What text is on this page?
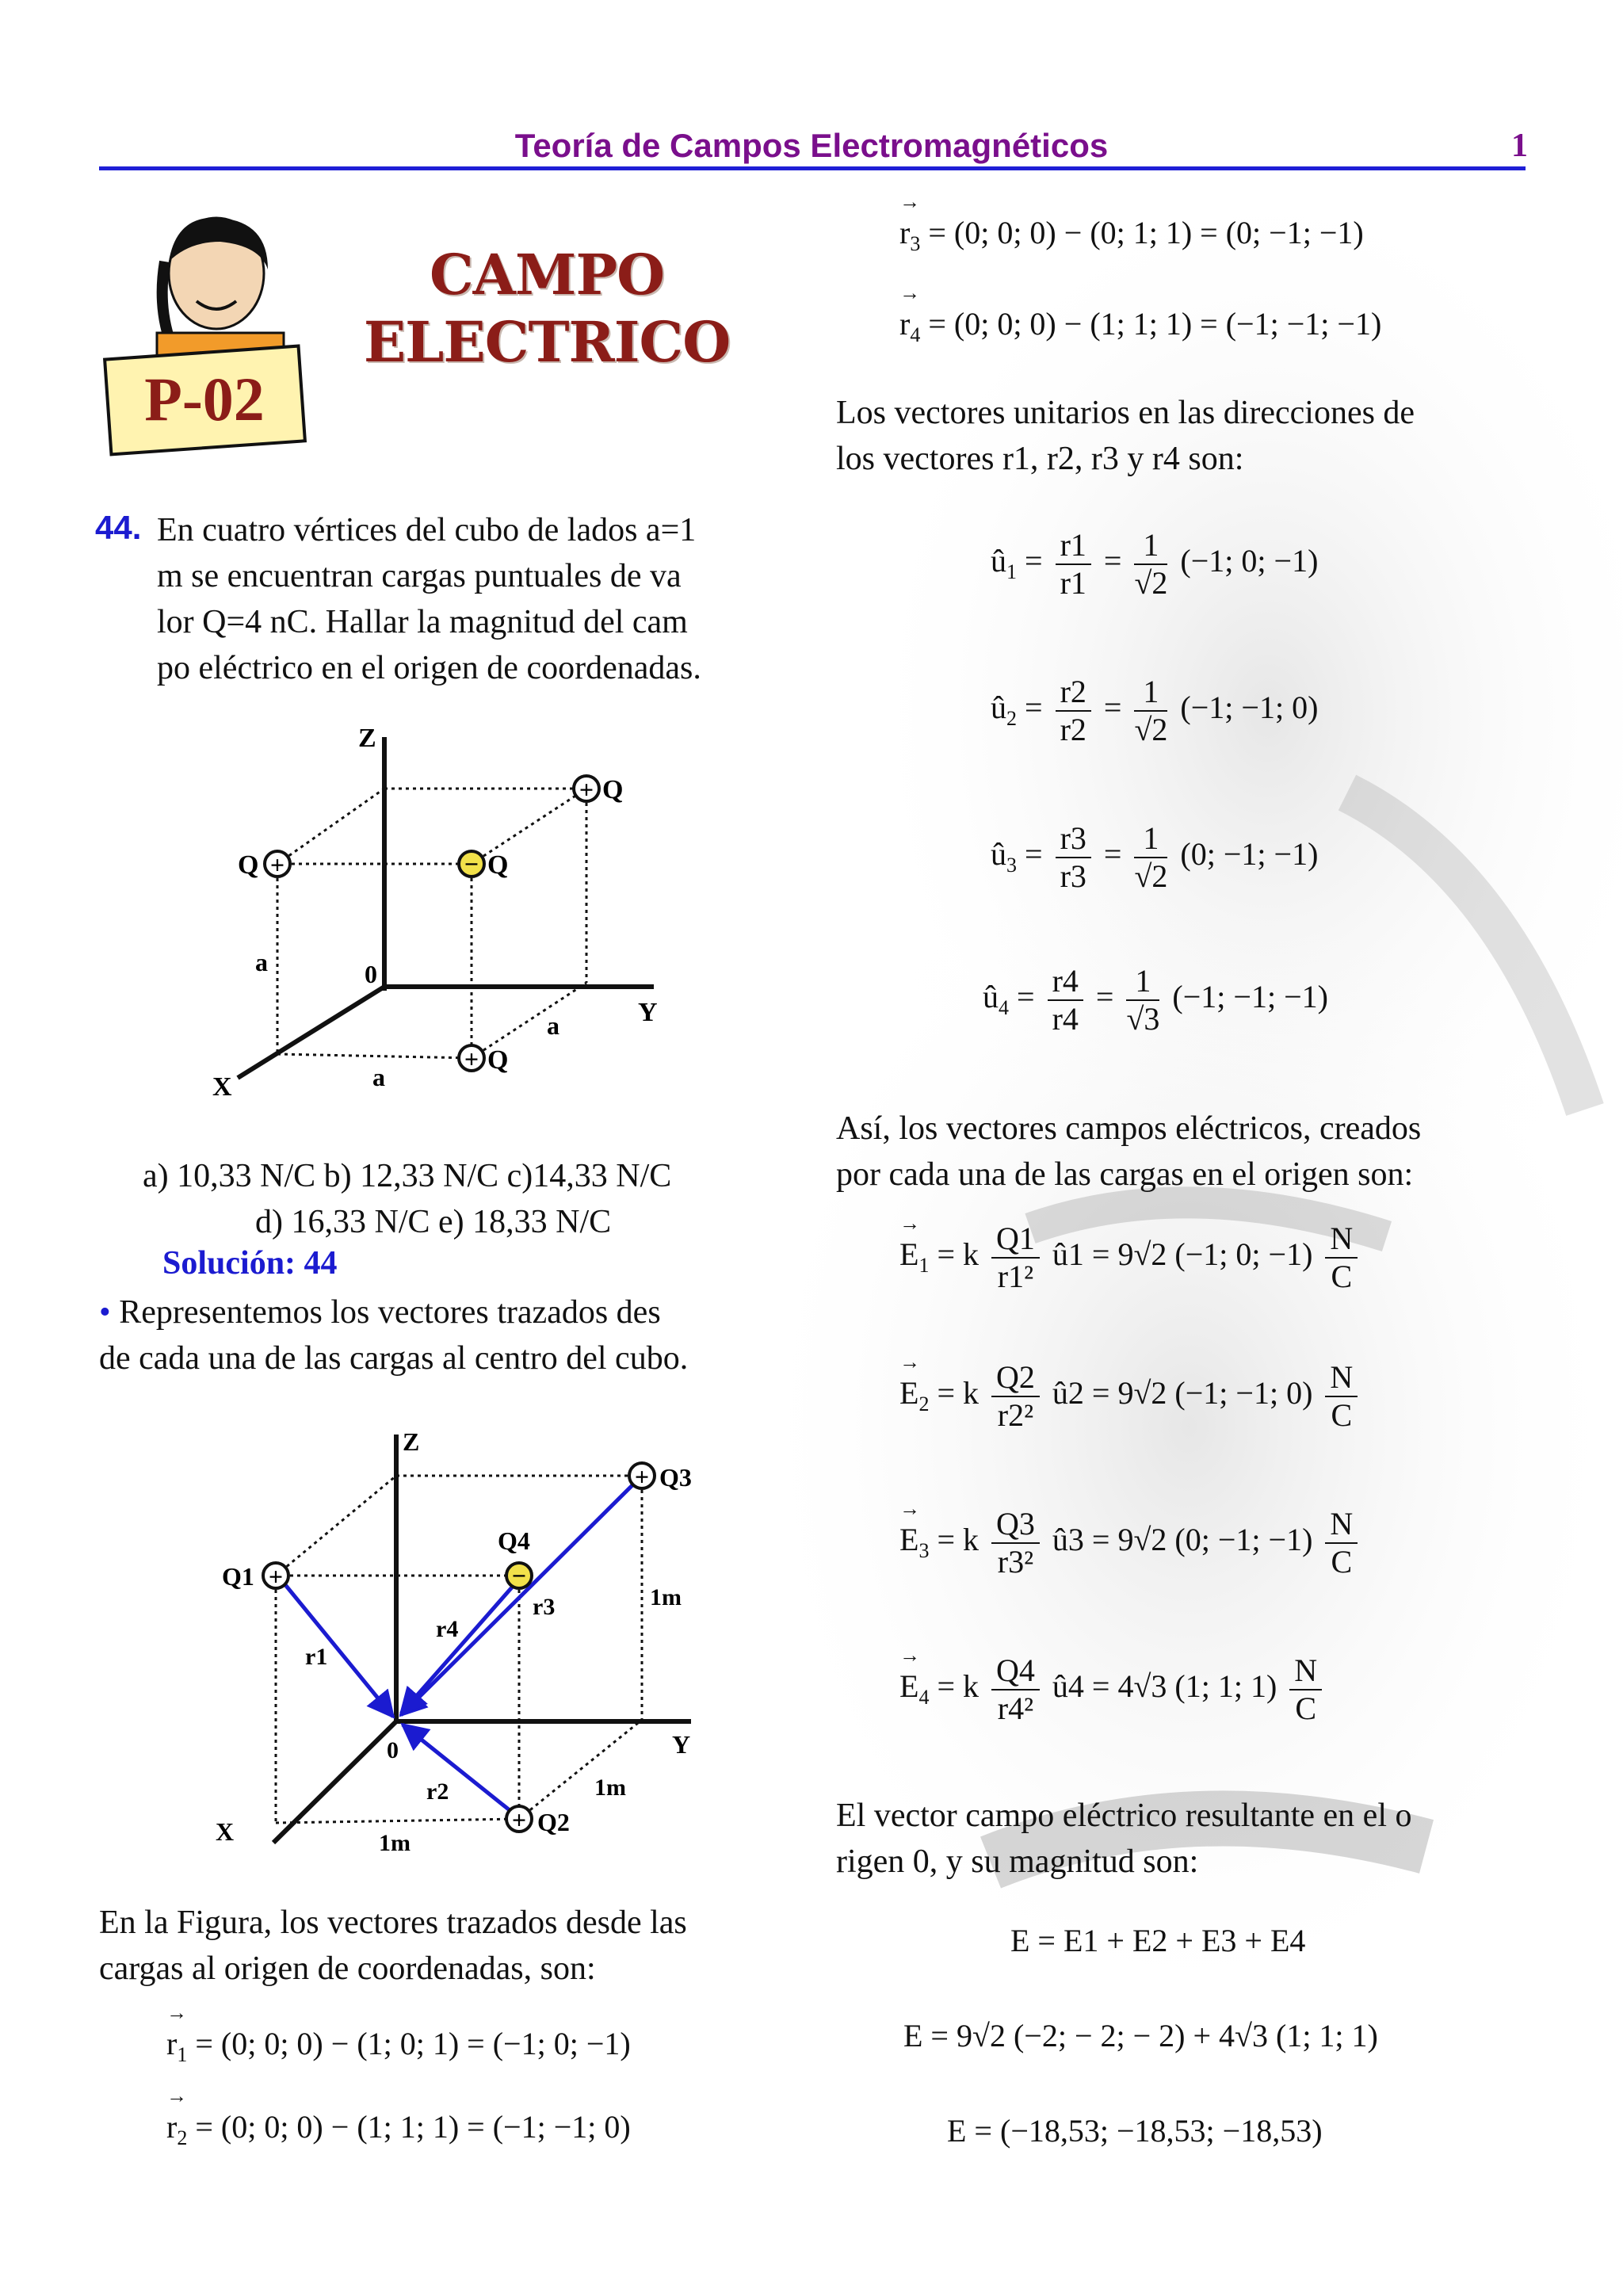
Teoría de Campos Electromagnéticos	1
P-02
CAMPO
ELECTRICO
44. En cuatro vértices del cubo de lados a=1
m se encuentran cargas puntuales de va
lor Q=4 nC. Hallar la magnitud del cam
po eléctrico en el origen de coordenadas.
Z
Y
X
0
a
a
a
+ Q
+
Q	− Q
+ Q
a) 10,33 N/C b) 12,33 N/C c)14,33 N/C
d) 16,33 N/C e) 18,33 N/C
Solución: 44
• Representemos los vectores trazados des
de cada una de las cargas al centro del cubo.
+
+	−
+
Z
Y
X
0
Q3
Q1
Q4
Q2
r1
r2
r3
r4
1m
1m
1m
En la Figura, los vectores trazados desde las
cargas al origen de coordenadas, son:
→ $r_1 = (0$; 0; 0) − (1; 0; 1) = (−1; 0; −1)
→ $r_2 = (0$; 0; 0) − (1; 1; 1) = (−1; −1; 0)
→ $r_3 = (0$; 0; 0) − (0; 1; 1) = (0; −1; −1)
→ $r_4 = (0$; 0; 0) − (1; 1; 1) = (−1; −1; −1)
Los vectores unitarios en las direcciones de
los vectores r1, r2, r3 y r4 son:
$û_1 = \frac{r1}{r1} = \frac{1}{√2} (-1$; 0; −1)
$û_2 = \frac{r2}{r2} = \frac{1}{√2} (-1$; −1; 0)
$û_3 = \frac{r3}{r3} = \frac{1}{√2} (0$; −1; −1)
$û_4 = \frac{r4}{r4} = \frac{1}{√3} (-1$; −1; −1)
Así, los vectores campos eléctricos, creados
por cada una de las cargas en el origen son:
→ $E_1 = k \frac{Q1}{\text{r1²}}$ û1 = 9√2 (−1; 0; $-1) \frac{N}{C}$
→ $E_2 = k \frac{Q2}{\text{r2²}}$ û2 = 9√2 (−1; −1; $0) \frac{N}{C}$
→ $E_3 = k \frac{Q3}{\text{r3²}}$ û3 = 9√2 (0; −1; $-1) \frac{N}{C}$
→ $E_4 = k \frac{Q4}{\text{r4²}}$ û4 = 4√3 (1; 1; $1) \frac{N}{C}$
El vector campo eléctrico resultante en el o
rigen 0, y su magnitud son:
E = E1 + E2 + E3 + E4
E = 9√2 (−2; − 2; − 2) + 4√3 (1; 1; 1)
E = (−18,53; −18,53; −18,53)
